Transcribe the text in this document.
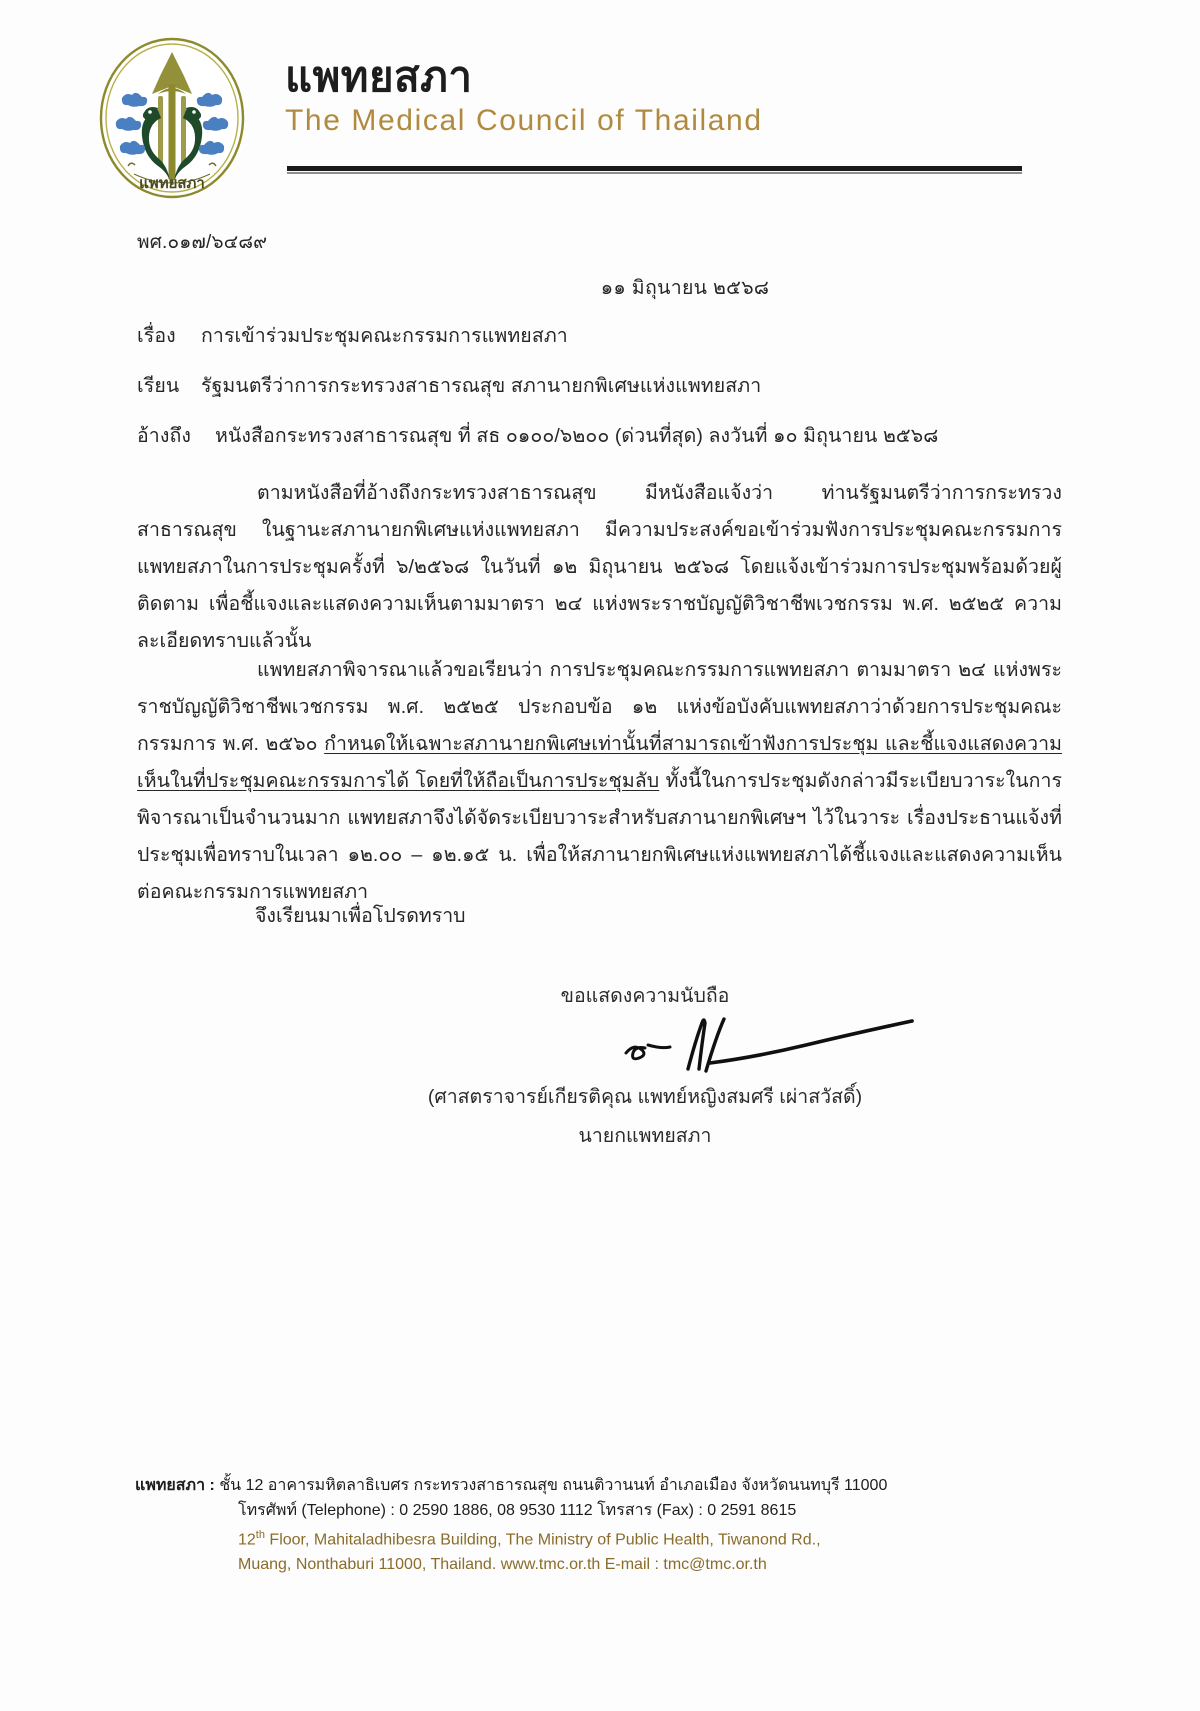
แพทยสภา
แพทยสภา
The Medical Council of Thailand
พศ.๐๑๗/๖๔๘๙
๑๑ มิถุนายน ๒๕๖๘
เรื่อง การเข้าร่วมประชุมคณะกรรมการแพทยสภา
เรียน รัฐมนตรีว่าการกระทรวงสาธารณสุข สภานายกพิเศษแห่งแพทยสภา
อ้างถึง หนังสือกระทรวงสาธารณสุข ที่ สธ ๐๑๐๐/๖๒๐๐ (ด่วนที่สุด) ลงวันที่ ๑๐ มิถุนายน ๒๕๖๘
ตามหนังสือที่อ้างถึงกระทรวงสาธารณสุข มีหนังสือแจ้งว่า ท่านรัฐมนตรีว่าการกระทรวงสาธารณสุข ในฐานะสภานายกพิเศษแห่งแพทยสภา มีความประสงค์ขอเข้าร่วมฟังการประชุมคณะกรรมการแพทยสภาในการประชุมครั้งที่ ๖/๒๕๖๘ ในวันที่ ๑๒ มิถุนายน ๒๕๖๘ โดยแจ้งเข้าร่วมการประชุมพร้อมด้วยผู้ติดตาม เพื่อชี้แจงและแสดงความเห็นตามมาตรา ๒๔ แห่งพระราชบัญญัติวิชาชีพเวชกรรม พ.ศ. ๒๕๒๕ ความละเอียดทราบแล้วนั้น
แพทยสภาพิจารณาแล้วขอเรียนว่า การประชุมคณะกรรมการแพทยสภา ตามมาตรา ๒๔ แห่งพระราชบัญญัติวิชาชีพเวชกรรม พ.ศ. ๒๕๒๕ ประกอบข้อ ๑๒ แห่งข้อบังคับแพทยสภาว่าด้วยการประชุมคณะกรรมการ พ.ศ. ๒๕๖๐ กำหนดให้เฉพาะสภานายกพิเศษเท่านั้นที่สามารถเข้าฟังการประชุม และชี้แจงแสดงความเห็นในที่ประชุมคณะกรรมการได้ โดยที่ให้ถือเป็นการประชุมลับ ทั้งนี้ในการประชุมดังกล่าวมีระเบียบวาระในการพิจารณาเป็นจำนวนมาก แพทยสภาจึงได้จัดระเบียบวาระสำหรับสภานายกพิเศษฯ ไว้ในวาระ เรื่องประธานแจ้งที่ประชุมเพื่อทราบในเวลา ๑๒.๐๐ – ๑๒.๑๕ น. เพื่อให้สภานายกพิเศษแห่งแพทยสภาได้ชี้แจงและแสดงความเห็นต่อคณะกรรมการแพทยสภา
จึงเรียนมาเพื่อโปรดทราบ
ขอแสดงความนับถือ
(ศาสตราจารย์เกียรติคุณ แพทย์หญิงสมศรี เผ่าสวัสดิ์)
นายกแพทยสภา
แพทยสภา : ชั้น 12 อาคารมหิตลาธิเบศร กระทรวงสาธารณสุข ถนนติวานนท์ อำเภอเมือง จังหวัดนนทบุรี 11000
โทรศัพท์ (Telephone) : 0 2590 1886, 08 9530 1112 โทรสาร (Fax) : 0 2591 8615
12th Floor, Mahitaladhibesra Building, The Ministry of Public Health, Tiwanond Rd.,
Muang, Nonthaburi 11000, Thailand. www.tmc.or.th E-mail : tmc@tmc.or.th
